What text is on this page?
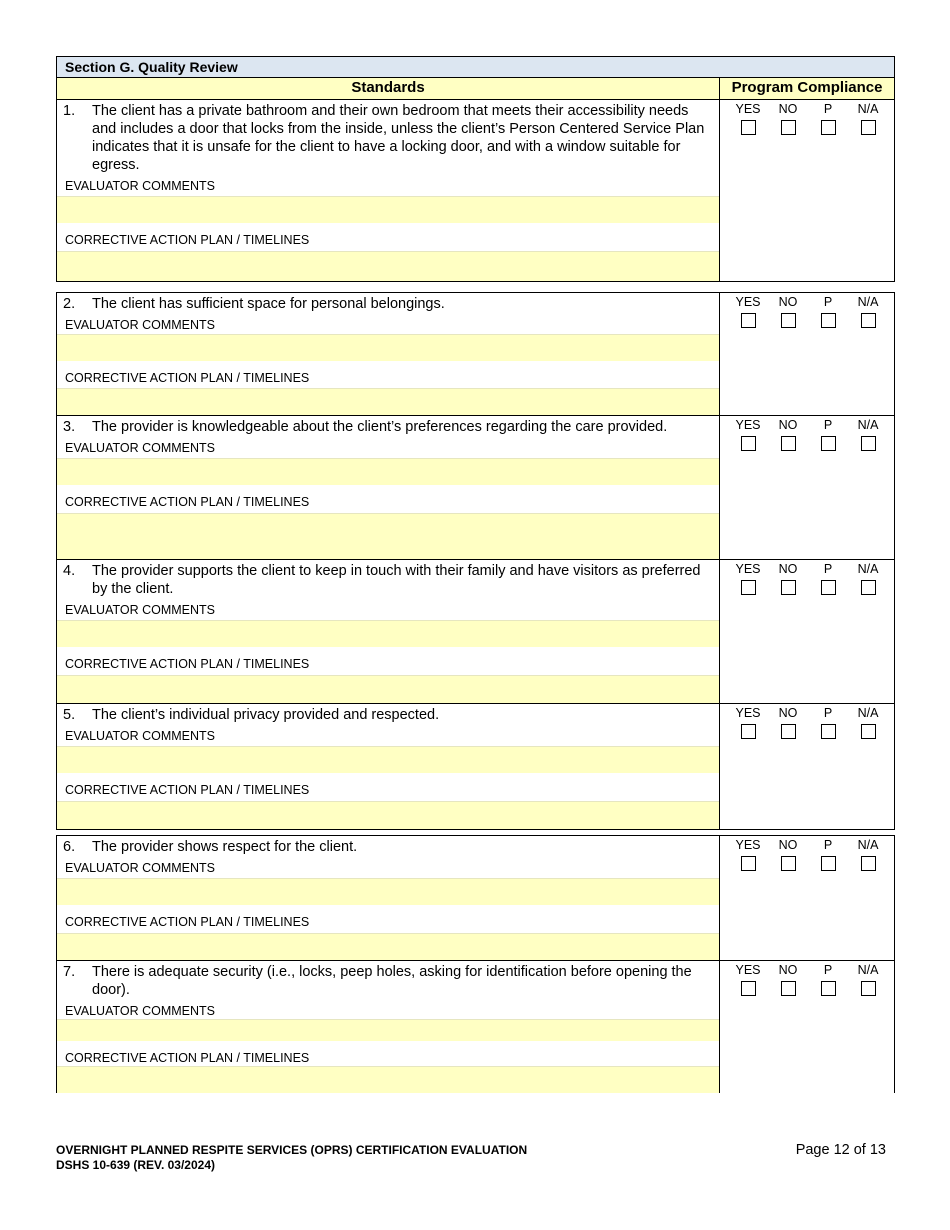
Section G. Quality Review
Standards	Program Compliance
1. The client has a private bathroom and their own bedroom that meets their accessibility needs and includes a door that locks from the inside, unless the client’s Person Centered Service Plan indicates that it is unsafe for the client to have a locking door, and with a window suitable for egress.
EVALUATOR COMMENTS
CORRECTIVE ACTION PLAN / TIMELINES
YES	NO	P	N/A
2. The client has sufficient space for personal belongings.
EVALUATOR COMMENTS
CORRECTIVE ACTION PLAN / TIMELINES
YES	NO	P	N/A
3. The provider is knowledgeable about the client’s preferences regarding the care provided.
EVALUATOR COMMENTS
CORRECTIVE ACTION PLAN / TIMELINES
YES	NO	P	N/A
4. The provider supports the client to keep in touch with their family and have visitors as preferred by the client.
EVALUATOR COMMENTS
CORRECTIVE ACTION PLAN / TIMELINES
YES	NO	P	N/A
5. The client’s individual privacy provided and respected.
EVALUATOR COMMENTS
CORRECTIVE ACTION PLAN / TIMELINES
YES	NO	P	N/A
6. The provider shows respect for the client.
EVALUATOR COMMENTS
CORRECTIVE ACTION PLAN / TIMELINES
YES	NO	P	N/A
7. There is adequate security (i.e., locks, peep holes, asking for identification before opening the door).
EVALUATOR COMMENTS
CORRECTIVE ACTION PLAN / TIMELINES
YES	NO	P	N/A
OVERNIGHT PLANNED RESPITE SERVICES (OPRS) CERTIFICATION EVALUATION
DSHS 10-639 (REV. 03/2024)
Page 12 of 13
